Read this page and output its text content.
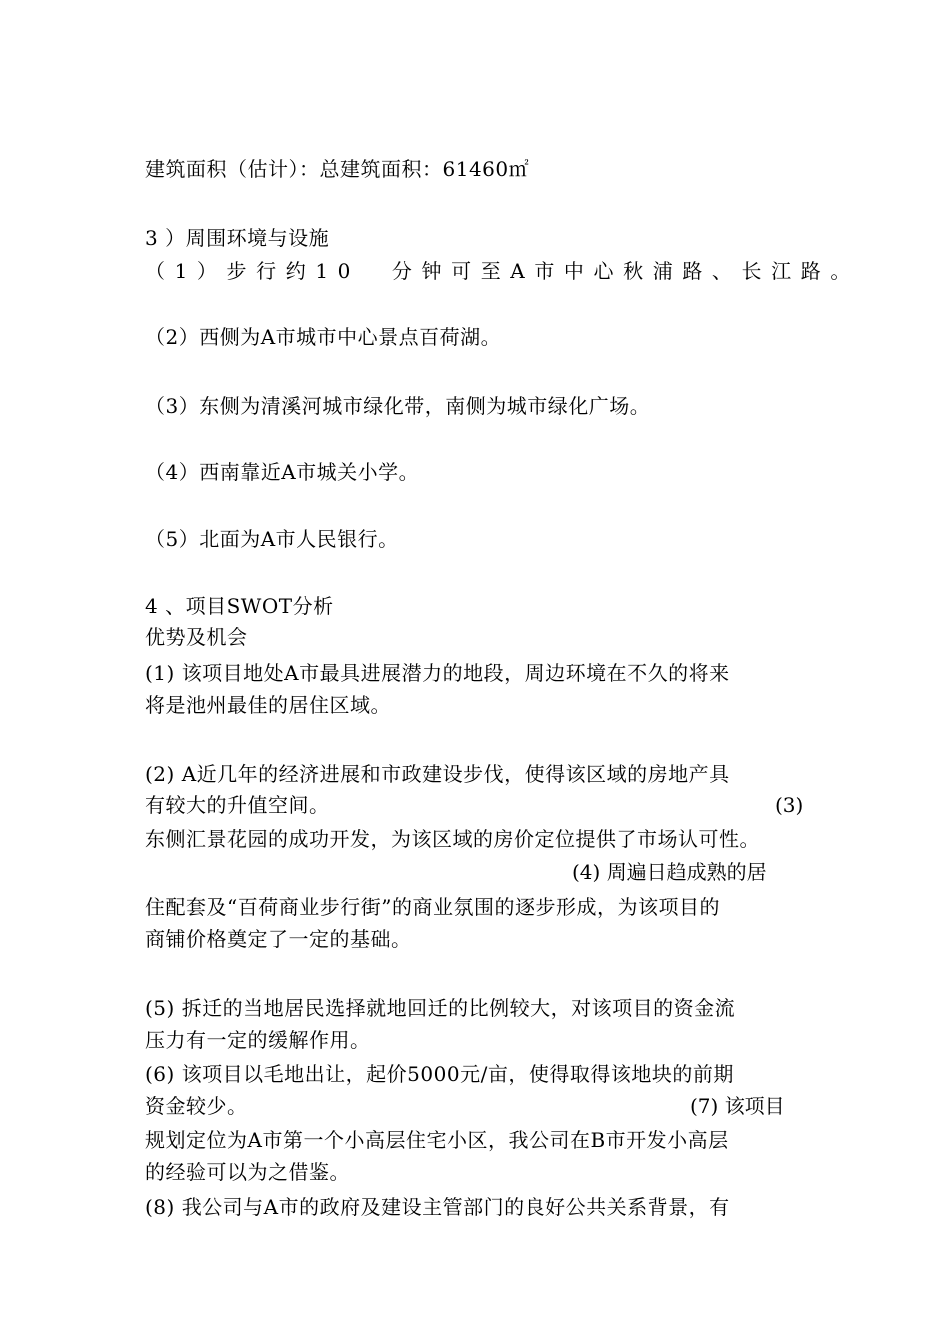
建筑面积（估计）：总建筑面积：61460㎡
3 ）周围环境与设施
（1）步行约10  分钟可至A市中心秋浦路、长江路。
（2）西侧为A市城市中心景点百荷湖。
（3）东侧为清溪河城市绿化带，南侧为城市绿化广场。
（4）西南靠近A市城关小学。
（5）北面为A市人民银行。
4 、项目SWOT分析
优势及机会
(1) 该项目地处A市最具进展潜力的地段，周边环境在不久的将来
将是池州最佳的居住区域。
(2) A近几年的经济进展和市政建设步伐，使得该区域的房地产具
有较大的升值空间。	(3)
东侧汇景花园的成功开发，为该区域的房价定位提供了市场认可性。
(4) 周遍日趋成熟的居
住配套及“百荷商业步行街”的商业氛围的逐步形成，为该项目的
商铺价格奠定了一定的基础。
(5) 拆迁的当地居民选择就地回迁的比例较大，对该项目的资金流
压力有一定的缓解作用。
(6) 该项目以毛地出让，起价5000元/亩，使得取得该地块的前期
资金较少。	(7) 该项目
规划定位为A市第一个小高层住宅小区，我公司在B市开发小高层
的经验可以为之借鉴。
(8) 我公司与A市的政府及建设主管部门的良好公共关系背景，有
